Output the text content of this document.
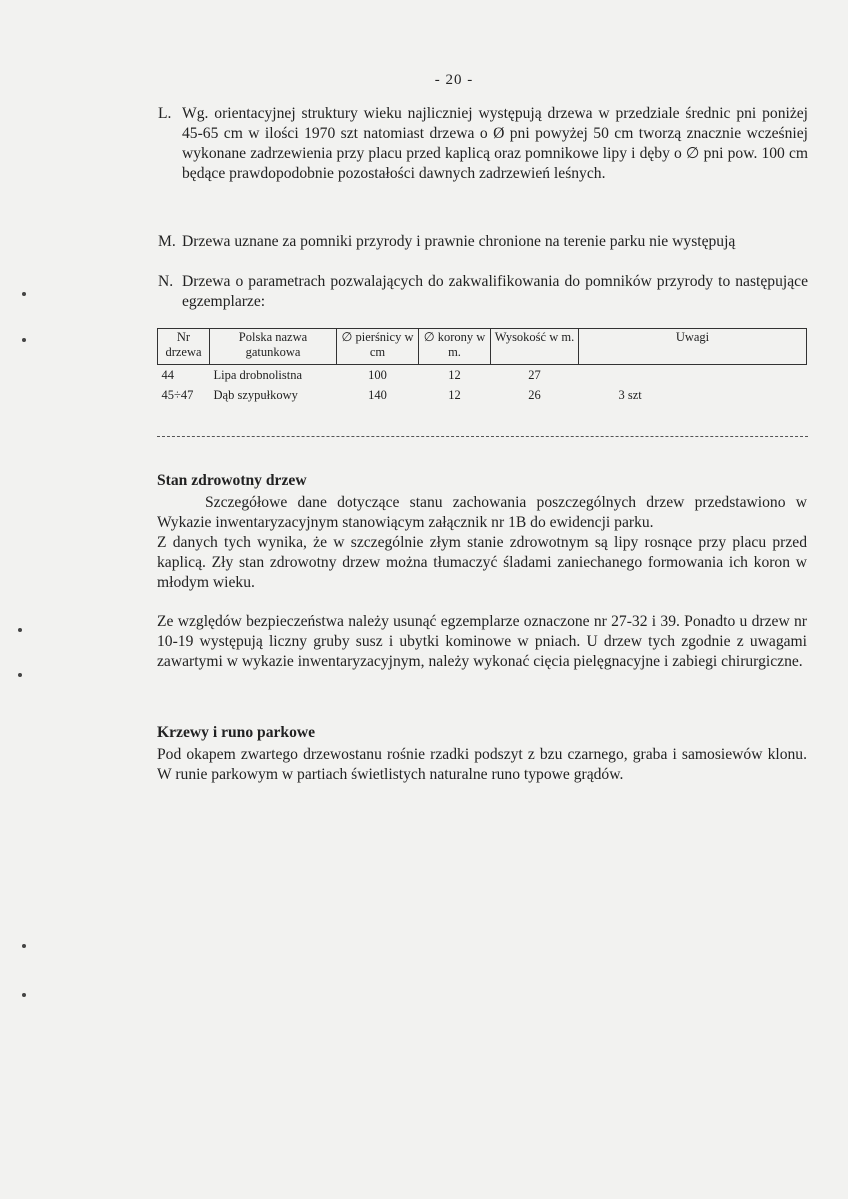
- 20 -
L. Wg. orientacyjnej struktury wieku najliczniej występują drzewa w przedziale średnic pni poniżej 45-65 cm w ilości 1970 szt natomiast drzewa o Ø pni powyżej 50 cm tworzą znacznie wcześniej wykonane zadrzewienia przy placu przed kaplicą oraz pomnikowe lipy i dęby o ∅ pni pow. 100 cm będące prawdopodobnie pozostałości dawnych zadrzewień leśnych.
M. Drzewa uznane za pomniki przyrody i prawnie chronione na terenie parku nie występują
N. Drzewa o parametrach pozwalających do zakwalifikowania do pomników przyrody to następujące egzemplarze:
Nr drzewa	Polska nazwa gatunkowa	∅ pierśnicy w cm	∅ korony w m.	Wysokość w m.	Uwagi
44	Lipa drobnolistna	100	12	27	
45÷47	Dąb szypułkowy	140	12	26	3 szt
Stan zdrowotny drzew
Szczegółowe dane dotyczące stanu zachowania poszczególnych drzew przedstawiono w Wykazie inwentaryzacyjnym stanowiącym załącznik nr 1B do ewidencji parku.
Z danych tych wynika, że w szczególnie złym stanie zdrowotnym są lipy rosnące przy placu przed kaplicą. Zły stan zdrowotny drzew można tłumaczyć śladami zaniechanego formowania ich koron w młodym wieku.
Ze względów bezpieczeństwa należy usunąć egzemplarze oznaczone nr 27-32 i 39. Ponadto u drzew nr 10-19 występują liczny gruby susz i ubytki kominowe w pniach. U drzew tych zgodnie z uwagami zawartymi w wykazie inwentaryzacyjnym, należy wykonać cięcia pielęgnacyjne i zabiegi chirurgiczne.
Krzewy i runo parkowe
Pod okapem zwartego drzewostanu rośnie rzadki podszyt z bzu czarnego, graba i samosiewów klonu. W runie parkowym w partiach świetlistych naturalne runo typowe grądów.
